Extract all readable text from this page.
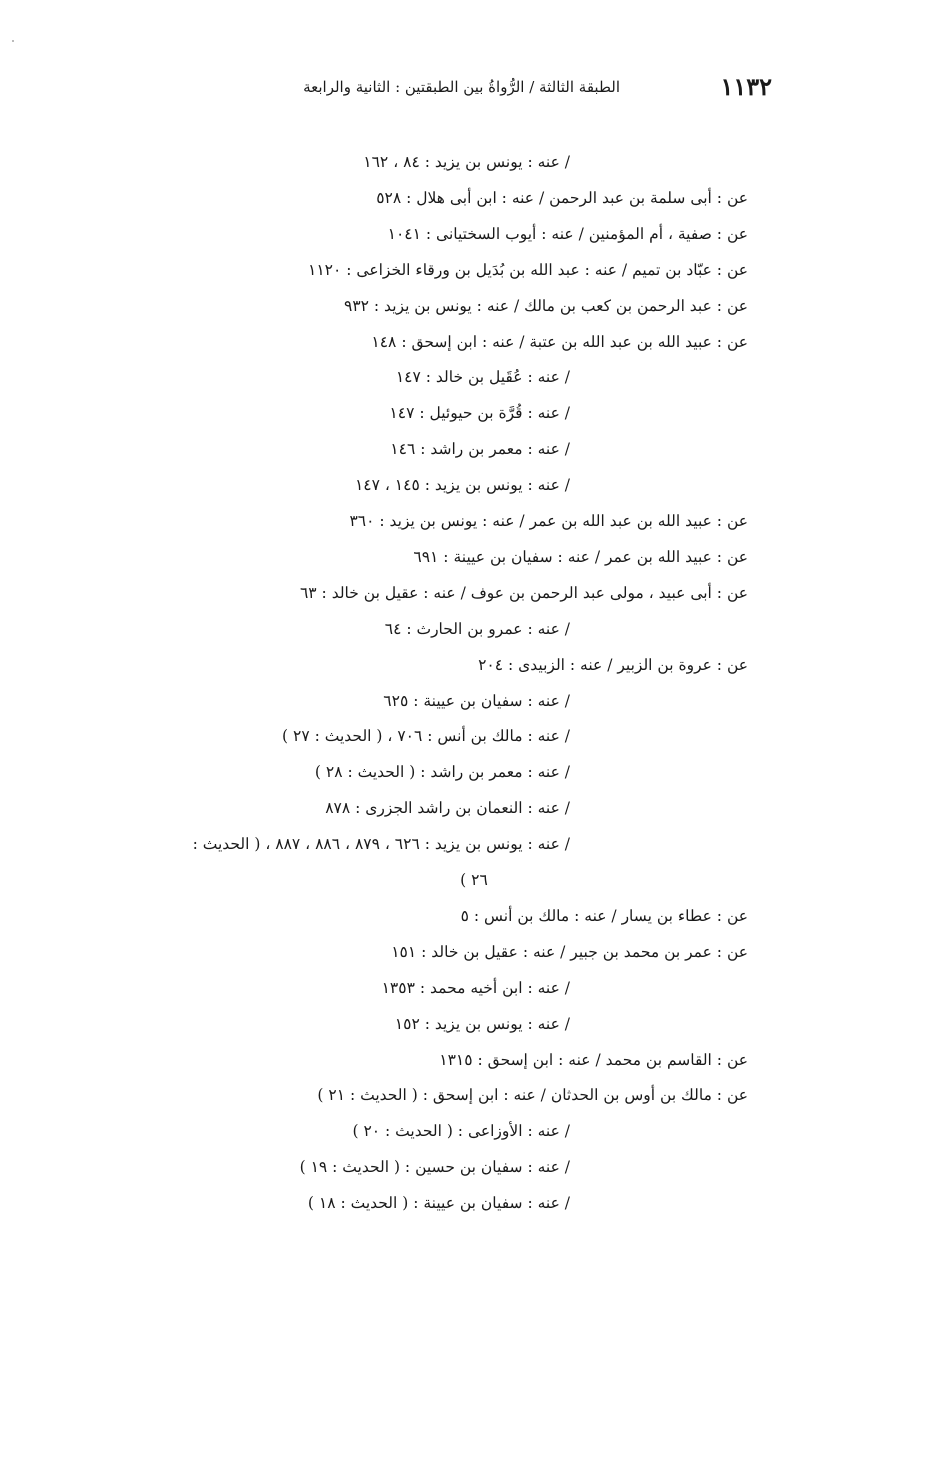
١١٣٢
الطبقة الثالثة / الرُّواةُ بين الطبقتين : الثانية والرابعة
/ عنه : يونس بن يزيد : ٨٤ ، ١٦٢
عن : أبى سلمة بن عبد الرحمن / عنه : ابن أبى هلال : ٥٢٨
عن : صفية ، أم المؤمنين / عنه : أيوب السختيانى : ١٠٤١
عن : عبّاد بن تميم / عنه : عبد الله بن بُدَيل بن ورقاء الخزاعى : ١١٢٠
عن : عبد الرحمن بن كعب بن مالك / عنه : يونس بن يزيد : ٩٣٢
عن : عبيد الله بن عبد الله بن عتبة / عنه : ابن إسحق : ١٤٨
/ عنه : عُقَيل بن خالد : ١٤٧
/ عنه : قُرَّة بن حيوئيل : ١٤٧
/ عنه : معمر بن راشد : ١٤٦
/ عنه : يونس بن يزيد : ١٤٥ ، ١٤٧
عن : عبيد الله بن عبد الله بن عمر / عنه : يونس بن يزيد : ٣٦٠
عن : عبيد الله بن عمر / عنه : سفيان بن عيينة : ٦٩١
عن : أبى عبيد ، مولى عبد الرحمن بن عوف / عنه : عقيل بن خالد : ٦٣
/ عنه : عمرو بن الحارث : ٦٤
عن : عروة بن الزبير / عنه : الزبيدى : ٢٠٤
/ عنه : سفيان بن عيينة : ٦٢٥
/ عنه : مالك بن أنس : ٧٠٦ ، ( الحديث : ٢٧ )
/ عنه : معمر بن راشد : ( الحديث : ٢٨ )
/ عنه : النعمان بن راشد الجزرى : ٨٧٨
/ عنه : يونس بن يزيد : ٦٢٦ ، ٨٧٩ ، ٨٨٦ ، ٨٨٧ ، ( الحديث :
٢٦ )
عن : عطاء بن يسار / عنه : مالك بن أنس : ٥
عن : عمر بن محمد بن جبير / عنه : عقيل بن خالد : ١٥١
/ عنه : ابن أخيه محمد : ١٣٥٣
/ عنه : يونس بن يزيد : ١٥٢
عن : القاسم بن محمد / عنه : ابن إسحق : ١٣١٥
عن : مالك بن أوس بن الحدثان / عنه : ابن إسحق : ( الحديث : ٢١ )
/ عنه : الأوزاعى : ( الحديث : ٢٠ )
/ عنه : سفيان بن حسين : ( الحديث : ١٩ )
/ عنه : سفيان بن عيينة : ( الحديث : ١٨ )
